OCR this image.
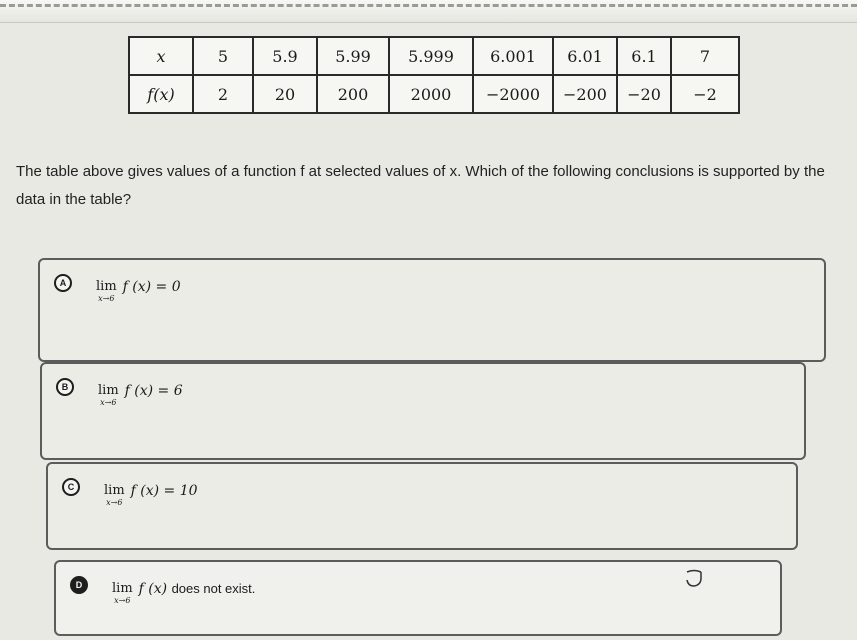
x	5	5.9	5.99	5.999	6.001	6.01	6.1	7
f(x)	2	20	200	2000	−2000	−200	−20	−2
The table above gives values of a function f at selected values of x. Which of the following conclusions is supported by the data in the table?
A	lim
x→6
f (x) = 0
B	lim
x→6
f (x) = 6
C	lim
x→6
f (x) = 10
D	lim
x→6
f (x) does not exist.
